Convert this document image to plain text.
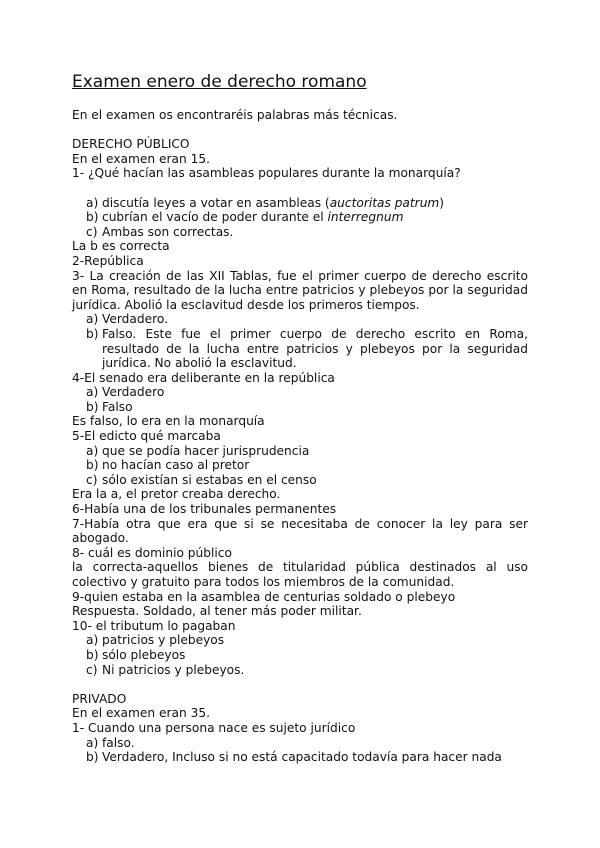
Examen enero de derecho romano

En el examen os encontraréis palabras más técnicas.

DERECHO PÚBLICO

En el examen eran 15.

1- ¿Qué hacían las asambleas populares durante la monarquía?

a) discutía leyes a votar en asambleas (auctoritas patrum)
b) cubrían el vacío de poder durante el interregnum
c) Ambas son correctas.

La b es correcta

2-República

3- La creación de las XII Tablas, fue el primer cuerpo de derecho escrito en Roma, resultado de la lucha entre patricios y plebeyos por la seguridad jurídica. Abolió la esclavitud desde los primeros tiempos.

a) Verdadero.
b) Falso. Este fue el primer cuerpo de derecho escrito en Roma, resultado de la lucha entre patricios y plebeyos por la seguridad jurídica. No abolió la esclavitud.

4-El senado era deliberante en la república

a) Verdadero
b) Falso

Es falso, lo era en la monarquía

5-El edicto qué marcaba

a) que se podía hacer jurisprudencia
b) no hacían caso al pretor
c) sólo existían si estabas en el censo

Era la a, el pretor creaba derecho.

6-Había una de los tribunales permanentes

7-Había otra que era que si se necesitaba de conocer la ley para ser abogado.

8- cuál es dominio público

la correcta-aquellos bienes de titularidad pública destinados al uso colectivo y gratuito para todos los miembros de la comunidad.

9-quien estaba en la asamblea de centurias soldado o plebeyo

Respuesta. Soldado, al tener más poder militar.

10- el tributum lo pagaban

a) patricios y plebeyos
b) sólo plebeyos
c) Ni patricios y plebeyos.

PRIVADO

En el examen eran 35.

1- Cuando una persona nace es sujeto jurídico

a) falso.
b) Verdadero, Incluso si no está capacitado todavía para hacer nada
